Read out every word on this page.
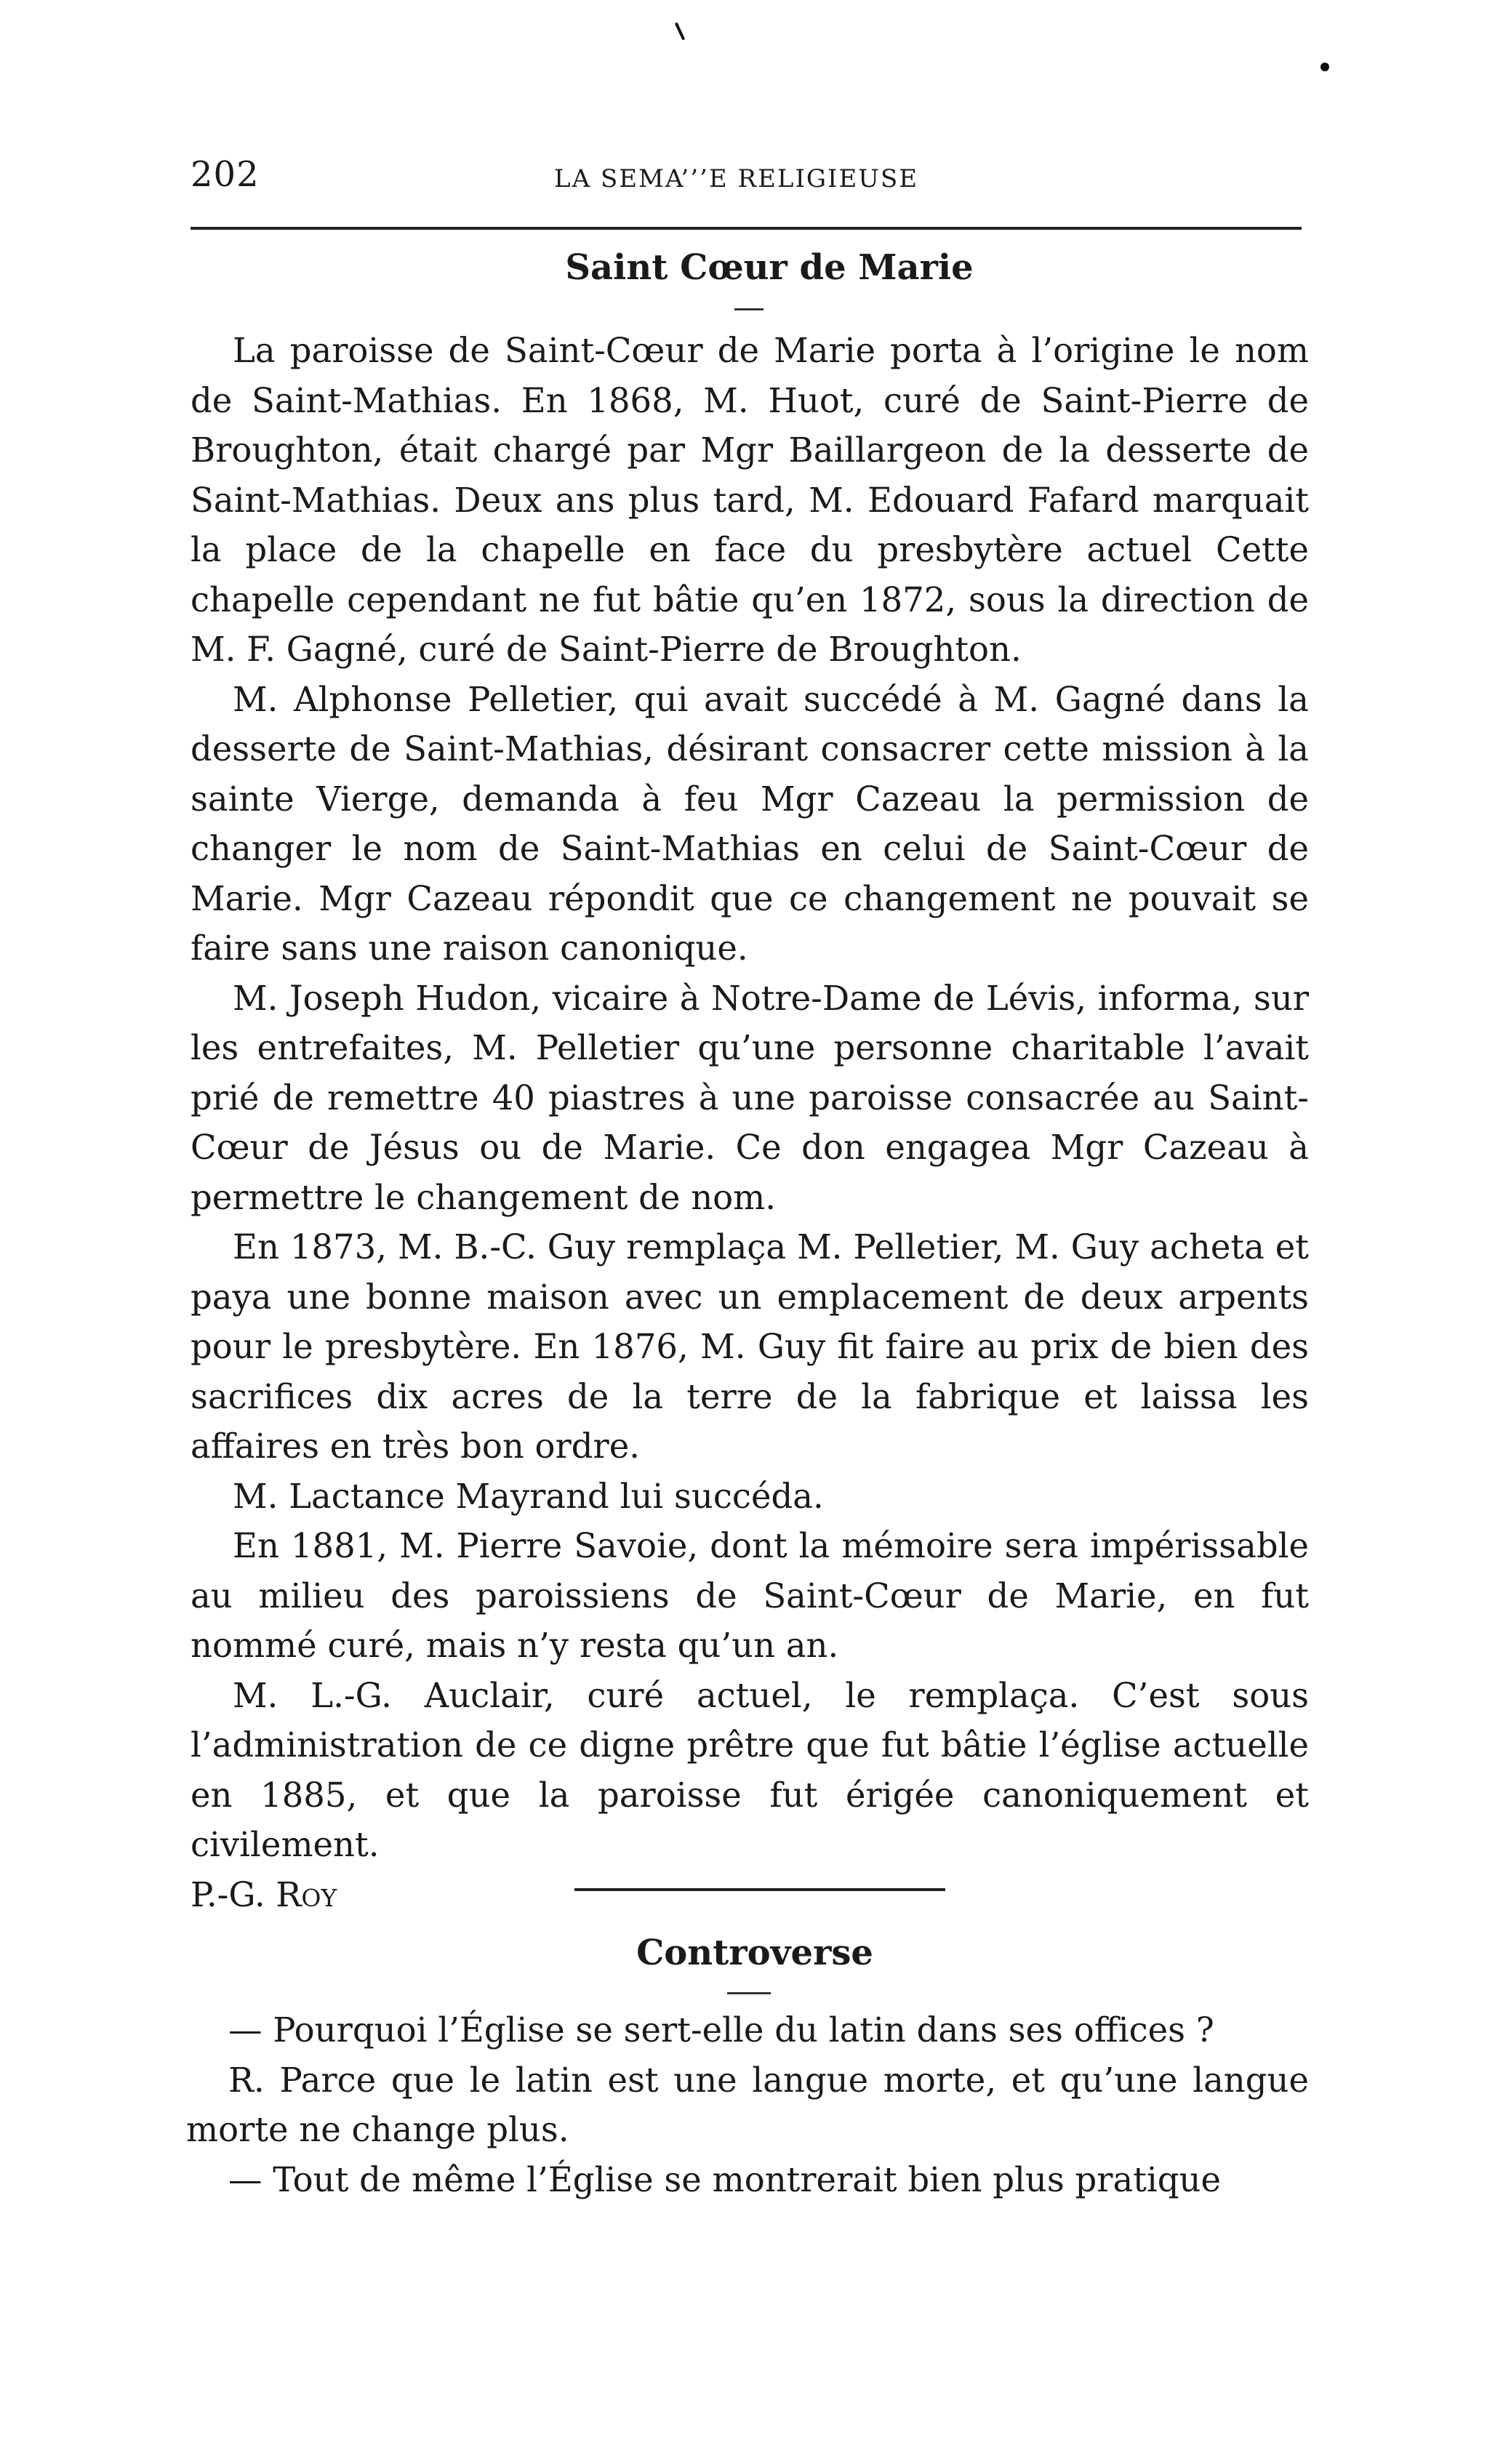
202	LA SEMA’’’E RELIGIEUSE
Saint Cœur de Marie

La paroisse de Saint-Cœur de Marie porta à l’origine le nom de Saint-Mathias. En 1868, M. Huot, curé de Saint-Pierre de Broughton, était chargé par Mgr Baillargeon de la desserte de Saint-Mathias. Deux ans plus tard, M. Edouard Fafard marquait la place de la chapelle en face du presbytère actuel Cette chapelle cependant ne fut bâtie qu’en 1872, sous la direction de M. F. Gagné, curé de Saint-Pierre de Broughton.

M. Alphonse Pelletier, qui avait succédé à M. Gagné dans la desserte de Saint-Mathias, désirant consacrer cette mission à la sainte Vierge, demanda à feu Mgr Cazeau la permission de changer le nom de Saint-Mathias en celui de Saint-Cœur de Marie. Mgr Cazeau répondit que ce changement ne pouvait se faire sans une raison canonique.

M. Joseph Hudon, vicaire à Notre-Dame de Lévis, informa, sur les entrefaites, M. Pelletier qu’une personne charitable l’avait prié de remettre 40 piastres à une paroisse consacrée au Saint-Cœur de Jésus ou de Marie. Ce don engagea Mgr Cazeau à permettre le changement de nom.

En 1873, M. B.-C. Guy remplaça M. Pelletier, M. Guy acheta et paya une bonne maison avec un emplacement de deux arpents pour le presbytère. En 1876, M. Guy fit faire au prix de bien des sacrifices dix acres de la terre de la fabrique et laissa les affaires en très bon ordre.

M. Lactance Mayrand lui succéda.

En 1881, M. Pierre Savoie, dont la mémoire sera impérissable au milieu des paroissiens de Saint-Cœur de Marie, en fut nommé curé, mais n’y resta qu’un an.

M. L.-G. Auclair, curé actuel, le remplaça. C’est sous l’administration de ce digne prêtre que fut bâtie l’église actuelle en 1885, et que la paroisse fut érigée canoniquement et civilement.

P.-G. Roy

Controverse

— Pourquoi l’Église se sert-elle du latin dans ses offices ?

R. Parce que le latin est une langue morte, et qu’une langue morte ne change plus.

— Tout de même l’Église se montrerait bien plus pratique
